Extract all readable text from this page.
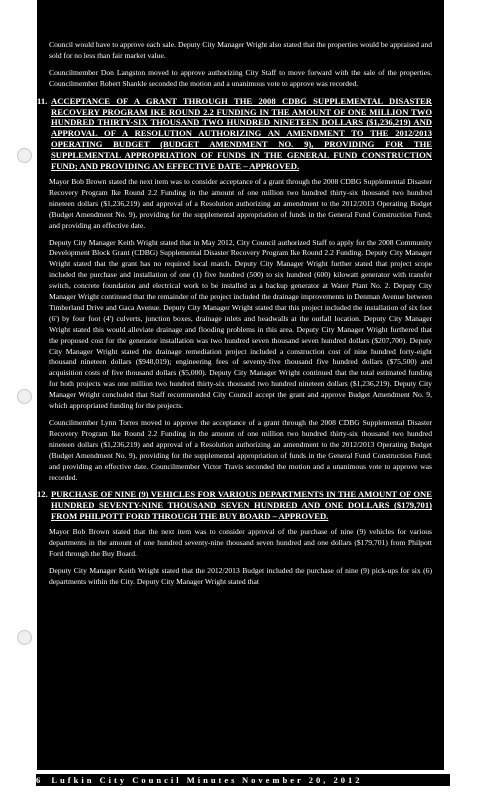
Council would have to approve each sale. Deputy City Manager Wright also stated that the properties would be appraised and sold for no less than fair market value.

Councilmember Don Langston moved to approve authorizing City Staff to move forward with the sale of the properties. Councilmember Robert Shankle seconded the motion and a unanimous vote to approve was recorded.

11. ACCEPTANCE OF A GRANT THROUGH THE 2008 CDBG SUPPLEMENTAL DISASTER RECOVERY PROGRAM IKE ROUND 2.2 FUNDING IN THE AMOUNT OF ONE MILLION TWO HUNDRED THIRTY-SIX THOUSAND TWO HUNDRED NINETEEN DOLLARS ($1,236,219) AND APPROVAL OF A RESOLUTION AUTHORIZING AN AMENDMENT TO THE 2012/2013 OPERATING BUDGET (BUDGET AMENDMENT NO. 9), PROVIDING FOR THE SUPPLEMENTAL APPROPRIATION OF FUNDS IN THE GENERAL FUND CONSTRUCTION FUND; AND PROVIDING AN EFFECTIVE DATE – APPROVED.

Mayor Bob Brown stated the next item was to consider acceptance of a grant through the 2008 CDBG Supplemental Disaster Recovery Program Ike Round 2.2 Funding in the amount of one million two hundred thirty-six thousand two hundred nineteen dollars ($1,236,219) and approval of a Resolution authorizing an amendment to the 2012/2013 Operating Budget (Budget Amendment No. 9), providing for the supplemental appropriation of funds in the General Fund Construction Fund; and providing an effective date.

Deputy City Manager Keith Wright stated that in May 2012, City Council authorized Staff to apply for the 2008 Community Development Block Grant (CDBG) Supplemental Disaster Recovery Program Ike Round 2.2 Funding. Deputy City Manager Wright stated that the grant has no required local match. Deputy City Manager Wright further stated that project scope included the purchase and installation of one (1) five hundred (500) to six hundred (600) kilowatt generator with transfer switch, concrete foundation and electrical work to be installed as a backup generator at Water Plant No. 2. Deputy City Manager Wright continued that the remainder of the project included the drainage improvements in Denman Avenue between Timberland Drive and Gaca Avenue. Deputy City Manager Wright stated that this project included the installation of six foot (6') by four foot (4') culverts, junction boxes, drainage inlets and headwalls at the outfall location. Deputy City Manager Wright stated this would alleviate drainage and flooding problems in this area. Deputy City Manager Wright furthered that the proposed cost for the generator installation was two hundred seven thousand seven hundred dollars ($207,700). Deputy City Manager Wright stated the drainage remediation project included a construction cost of nine hundred forty-eight thousand nineteen dollars ($948,019); engineering fees of seventy-five thousand five hundred dollars ($75,500) and acquisition costs of five thousand dollars ($5,000). Deputy City Manager Wright continued that the total estimated funding for both projects was one million two hundred thirty-six thousand two hundred nineteen dollars ($1,236,219). Deputy City Manager Wright concluded that Staff recommended City Council accept the grant and approve Budget Amendment No. 9, which appropriated funding for the projects.

Councilmember Lynn Torres moved to approve the acceptance of a grant through the 2008 CDBG Supplemental Disaster Recovery Program Ike Round 2.2 Funding in the amount of one million two hundred thirty-six thousand two hundred nineteen dollars ($1,236,219) and approval of a Resolution authorizing an amendment to the 2012/2013 Operating Budget (Budget Amendment No. 9), providing for the supplemental appropriation of funds in the General Fund Construction Fund; and providing an effective date. Councilmember Victor Travis seconded the motion and a unanimous vote to approve was recorded.

12. PURCHASE OF NINE (9) VEHICLES FOR VARIOUS DEPARTMENTS IN THE AMOUNT OF ONE HUNDRED SEVENTY-NINE THOUSAND SEVEN HUNDRED AND ONE DOLLARS ($179,701) FROM PHILPOTT FORD THROUGH THE BUY BOARD – APPROVED.

Mayor Bob Brown stated that the next item was to consider approval of the purchase of nine (9) vehicles for various departments in the amount of one hundred seventy-nine thousand seven hundred and one dollars ($179,701) from Philpott Ford through the Buy Board.

Deputy City Manager Keith Wright stated that the 2012/2013 Budget included the purchase of nine (9) pick-ups for six (6) departments within the City. Deputy City Manager Wright stated that

6 Lufkin City Council Minutes November 20, 2012
